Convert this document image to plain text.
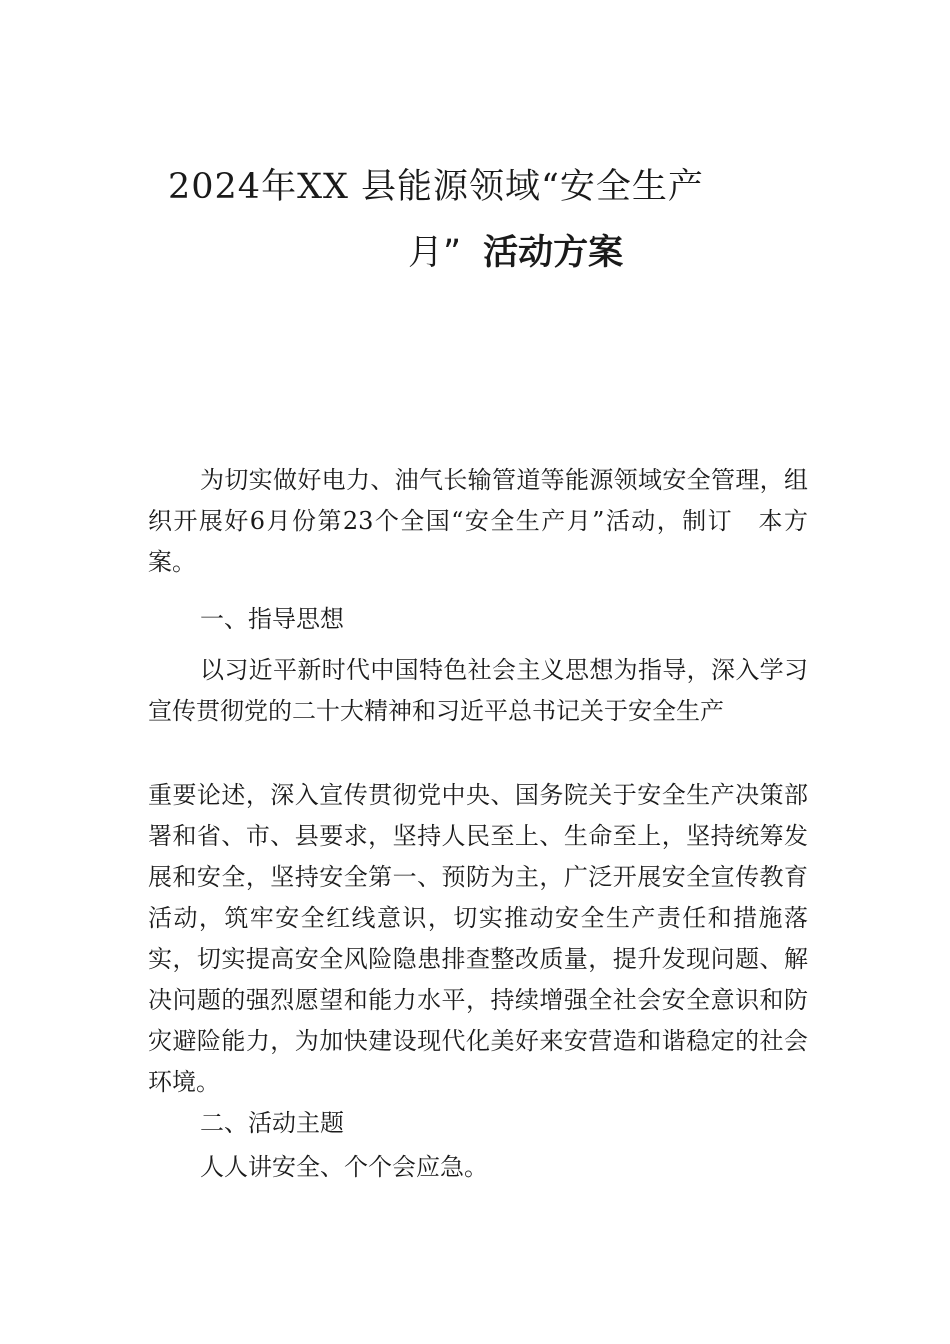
2024年XX 县能源领域“安全生产
月” 活动方案

为切实做好电力、油气长输管道等能源领域安全管理，组织开展好6月份第23个全国“安全生产月”活动，制订　本方案。

一、指导思想

以习近平新时代中国特色社会主义思想为指导，深入学习宣传贯彻党的二十大精神和习近平总书记关于安全生产

重要论述，深入宣传贯彻党中央、国务院关于安全生产决策部署和省、市、县要求，坚持人民至上、生命至上，坚持统筹发展和安全，坚持安全第一、预防为主，广泛开展安全宣传教育活动，筑牢安全红线意识，切实推动安全生产责任和措施落实，切实提高安全风险隐患排查整改质量，提升发现问题、解决问题的强烈愿望和能力水平，持续增强全社会安全意识和防灾避险能力，为加快建设现代化美好来安营造和谐稳定的社会环境。

二、活动主题

人人讲安全、个个会应急。
